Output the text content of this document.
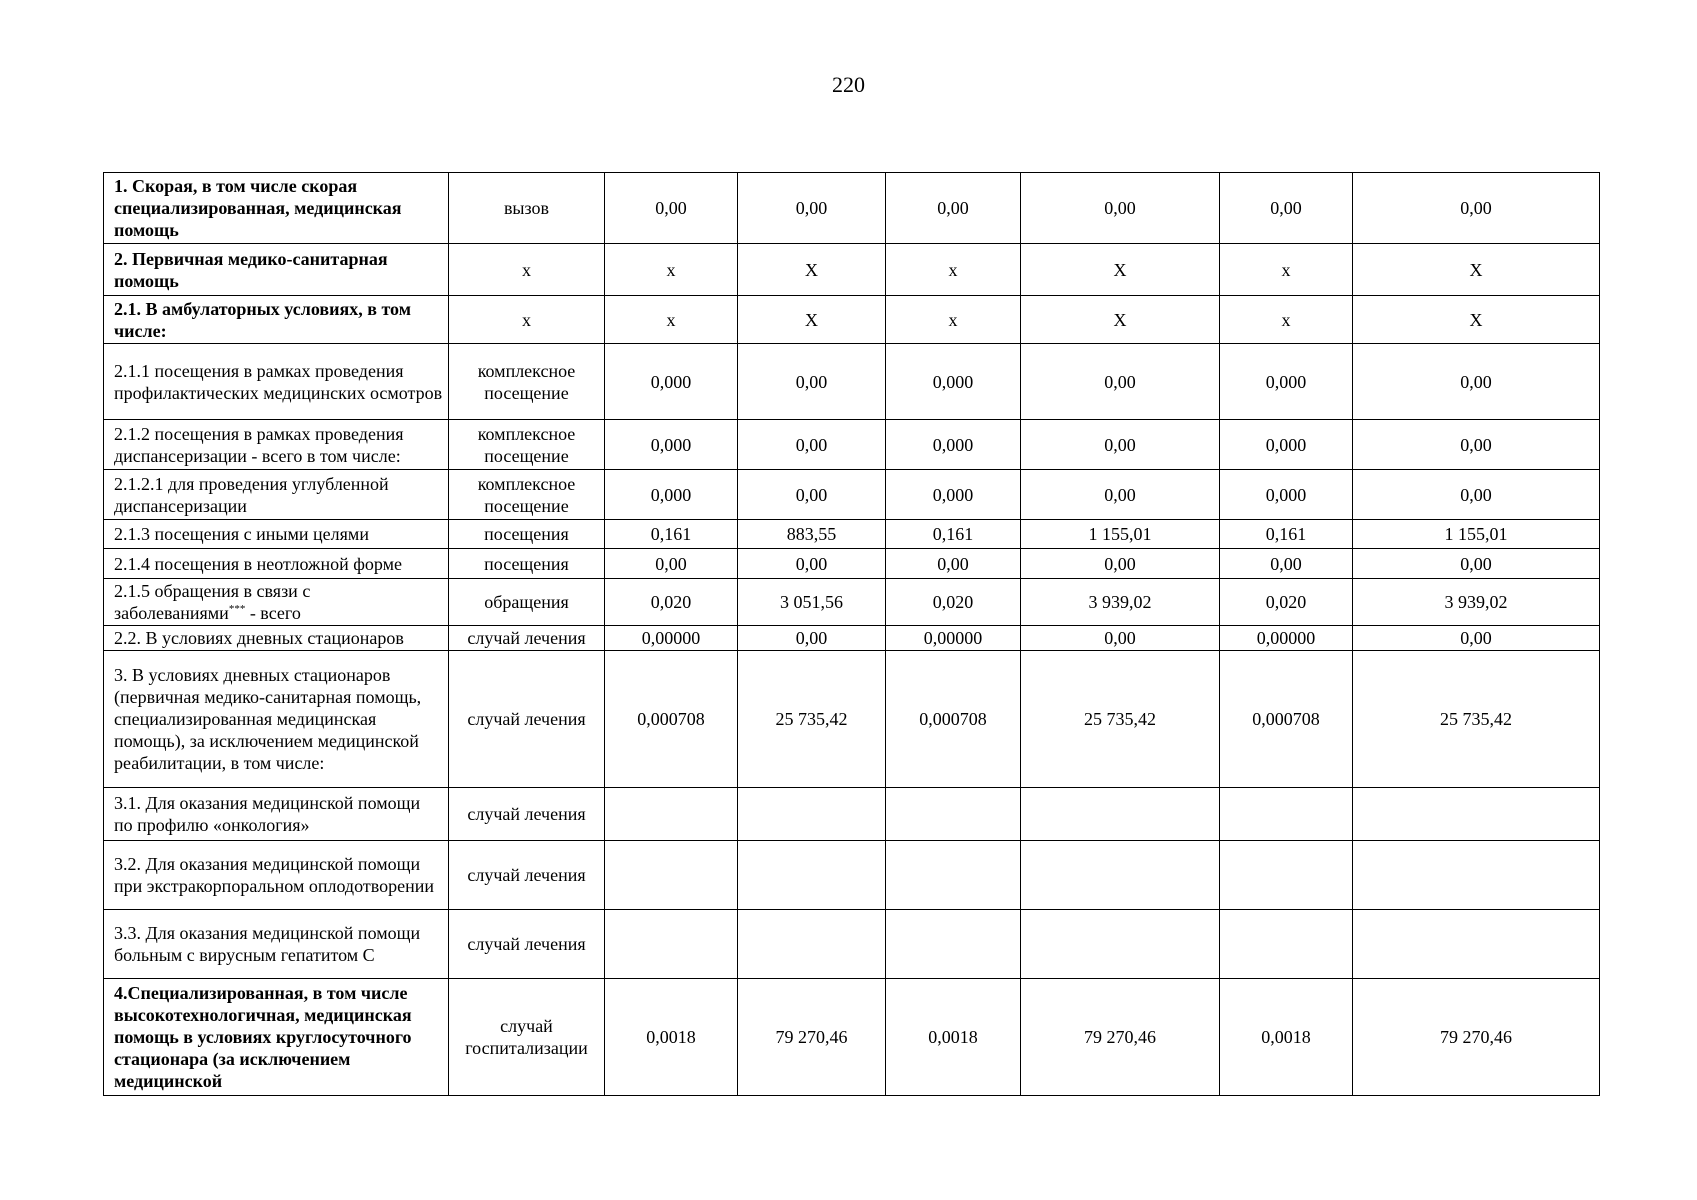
220
1. Скорая, в том числе скорая специализированная, медицинская помощь	вызов	0,00	0,00	0,00	0,00	0,00	0,00
2. Первичная медико-санитарная помощь	х	х	Х	х	Х	х	Х
2.1. В амбулаторных условиях, в том числе:	х	х	Х	х	Х	х	Х
2.1.1 посещения в рамках проведения профилактических медицинских осмотров	комплексное посещение	0,000	0,00	0,000	0,00	0,000	0,00
2.1.2 посещения в рамках проведения диспансеризации - всего в том числе:	комплексное посещение	0,000	0,00	0,000	0,00	0,000	0,00
2.1.2.1 для проведения углубленной диспансеризации	комплексное посещение	0,000	0,00	0,000	0,00	0,000	0,00
2.1.3 посещения с иными целями	посещения	0,161	883,55	0,161	1 155,01	0,161	1 155,01
2.1.4 посещения в неотложной форме	посещения	0,00	0,00	0,00	0,00	0,00	0,00
2.1.5 обращения в связи с заболеваниями*** - всего	обращения	0,020	3 051,56	0,020	3 939,02	0,020	3 939,02
2.2. В условиях дневных стационаров	случай лечения	0,00000	0,00	0,00000	0,00	0,00000	0,00
3. В условиях дневных стационаров (первичная медико-санитарная помощь, специализированная медицинская помощь), за исключением медицинской реабилитации, в том числе:	случай лечения	0,000708	25 735,42	0,000708	25 735,42	0,000708	25 735,42
3.1. Для оказания медицинской помощи по профилю «онкология»	случай лечения						
3.2. Для оказания медицинской помощи при экстракорпоральном оплодотворении	случай лечения						
3.3. Для оказания медицинской помощи больным с вирусным гепатитом С	случай лечения						
4.Специализированная, в том числе высокотехнологичная, медицинская помощь в условиях круглосуточного стационара (за исключением медицинской	случай госпитализации	0,0018	79 270,46	0,0018	79 270,46	0,0018	79 270,46
